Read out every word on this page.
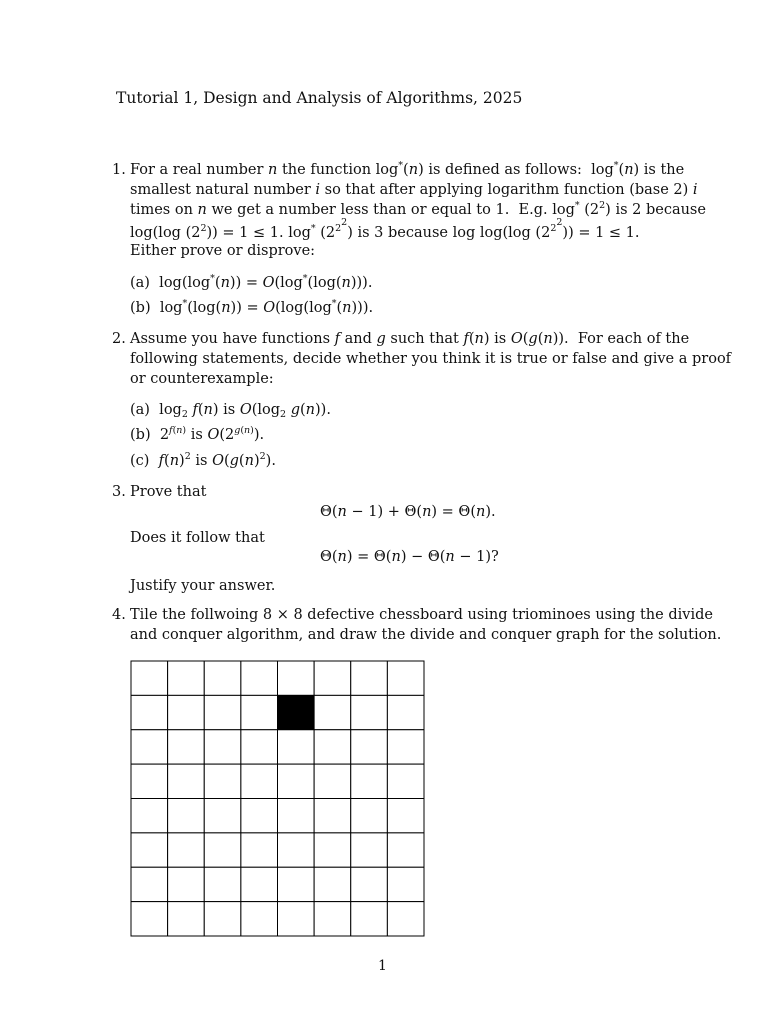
Tutorial 1, Design and Analysis of Algorithms, 2025
1. For a real number n the function log*(n) is defined as follows:  log*(n) is the
smallest natural number i so that after applying logarithm function (base 2) i
times on n we get a number less than or equal to 1.  E.g. $\log^* (2^2)$ is 2 because
log(log $(2^2)) = 1 \le 1$. $\log^* (2^{2^2})$ is 3 because log log(log $(2^{2^2})) = 1 \le 1$.
Either prove or disprove:
(a)  log(log*(n)) = O(log*(log(n))).
(b)  log*(log(n)) = O(log(log*(n))).
2. Assume you have functions f and g such that f(n) is O(g(n)).  For each of the
following statements, decide whether you think it is true or false and give a proof
or counterexample:
(a)  $\log_2 f(n)$ is $O(\log_2$ g(n)).
(b)  $2^{f(n)}$ is $O(2^{g(n)})$.
(c)  $f(n)^2$ is $O(g(n)^2)$.
3. Prove that
Θ(n − 1) + Θ(n) = Θ(n).
Does it follow that
Θ(n) = Θ(n) − Θ(n − 1)?
Justify your answer.
4. Tile the follwoing 8 × 8 defective chessboard using triominoes using the divide
and conquer algorithm, and draw the divide and conquer graph for the solution.
1
